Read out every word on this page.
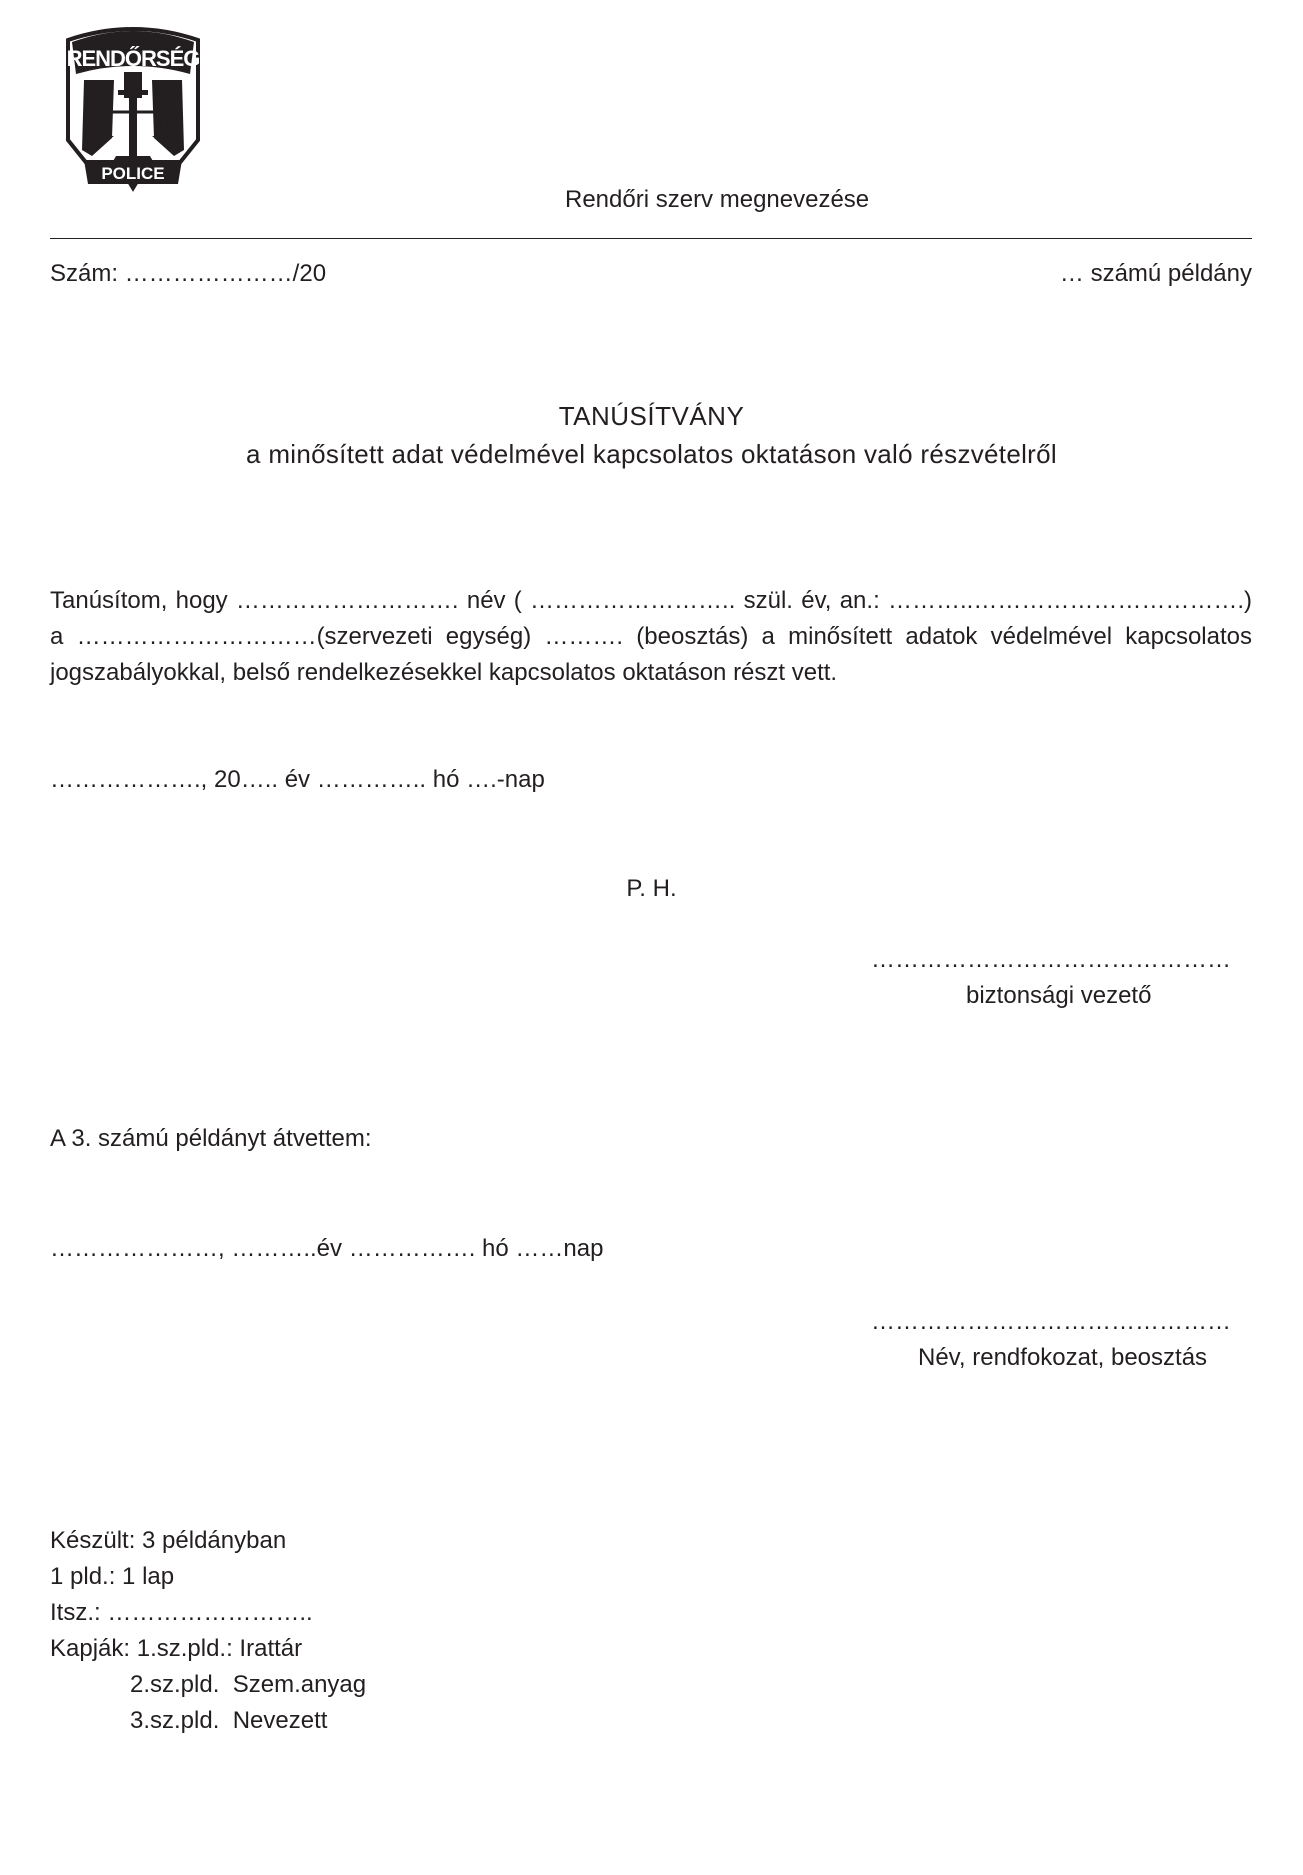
RENDŐRSÉG
POLICE
Rendőri szerv megnevezése
Szám: …………………/20	… számú példány
TANÚSÍTVÁNY
a minősített adat védelmével kapcsolatos oktatáson való részvételről
Tanúsítom, hogy ………………………. név ( …………………….. szül. év, an.: ………..…………………………….)
a …………………………(szervezeti egység) ………. (beosztás) a minősített adatok védelmével kapcsolatos
jogszabályokkal, belső rendelkezésekkel kapcsolatos oktatáson részt vett.
………………., 20….. év ………….. hó ….-nap
P. H.
………………………………………
biztonsági vezető
A 3. számú példányt átvettem:
…………………, ………..év ……………. hó ……nap
………………………………………
Név, rendfokozat, beosztás
Készült: 3 példányban
1 pld.: 1 lap
Itsz.: ……………………..
Kapják: 1.sz.pld.: Irattár
2.sz.pld.  Szem.anyag
3.sz.pld.  Nevezett
